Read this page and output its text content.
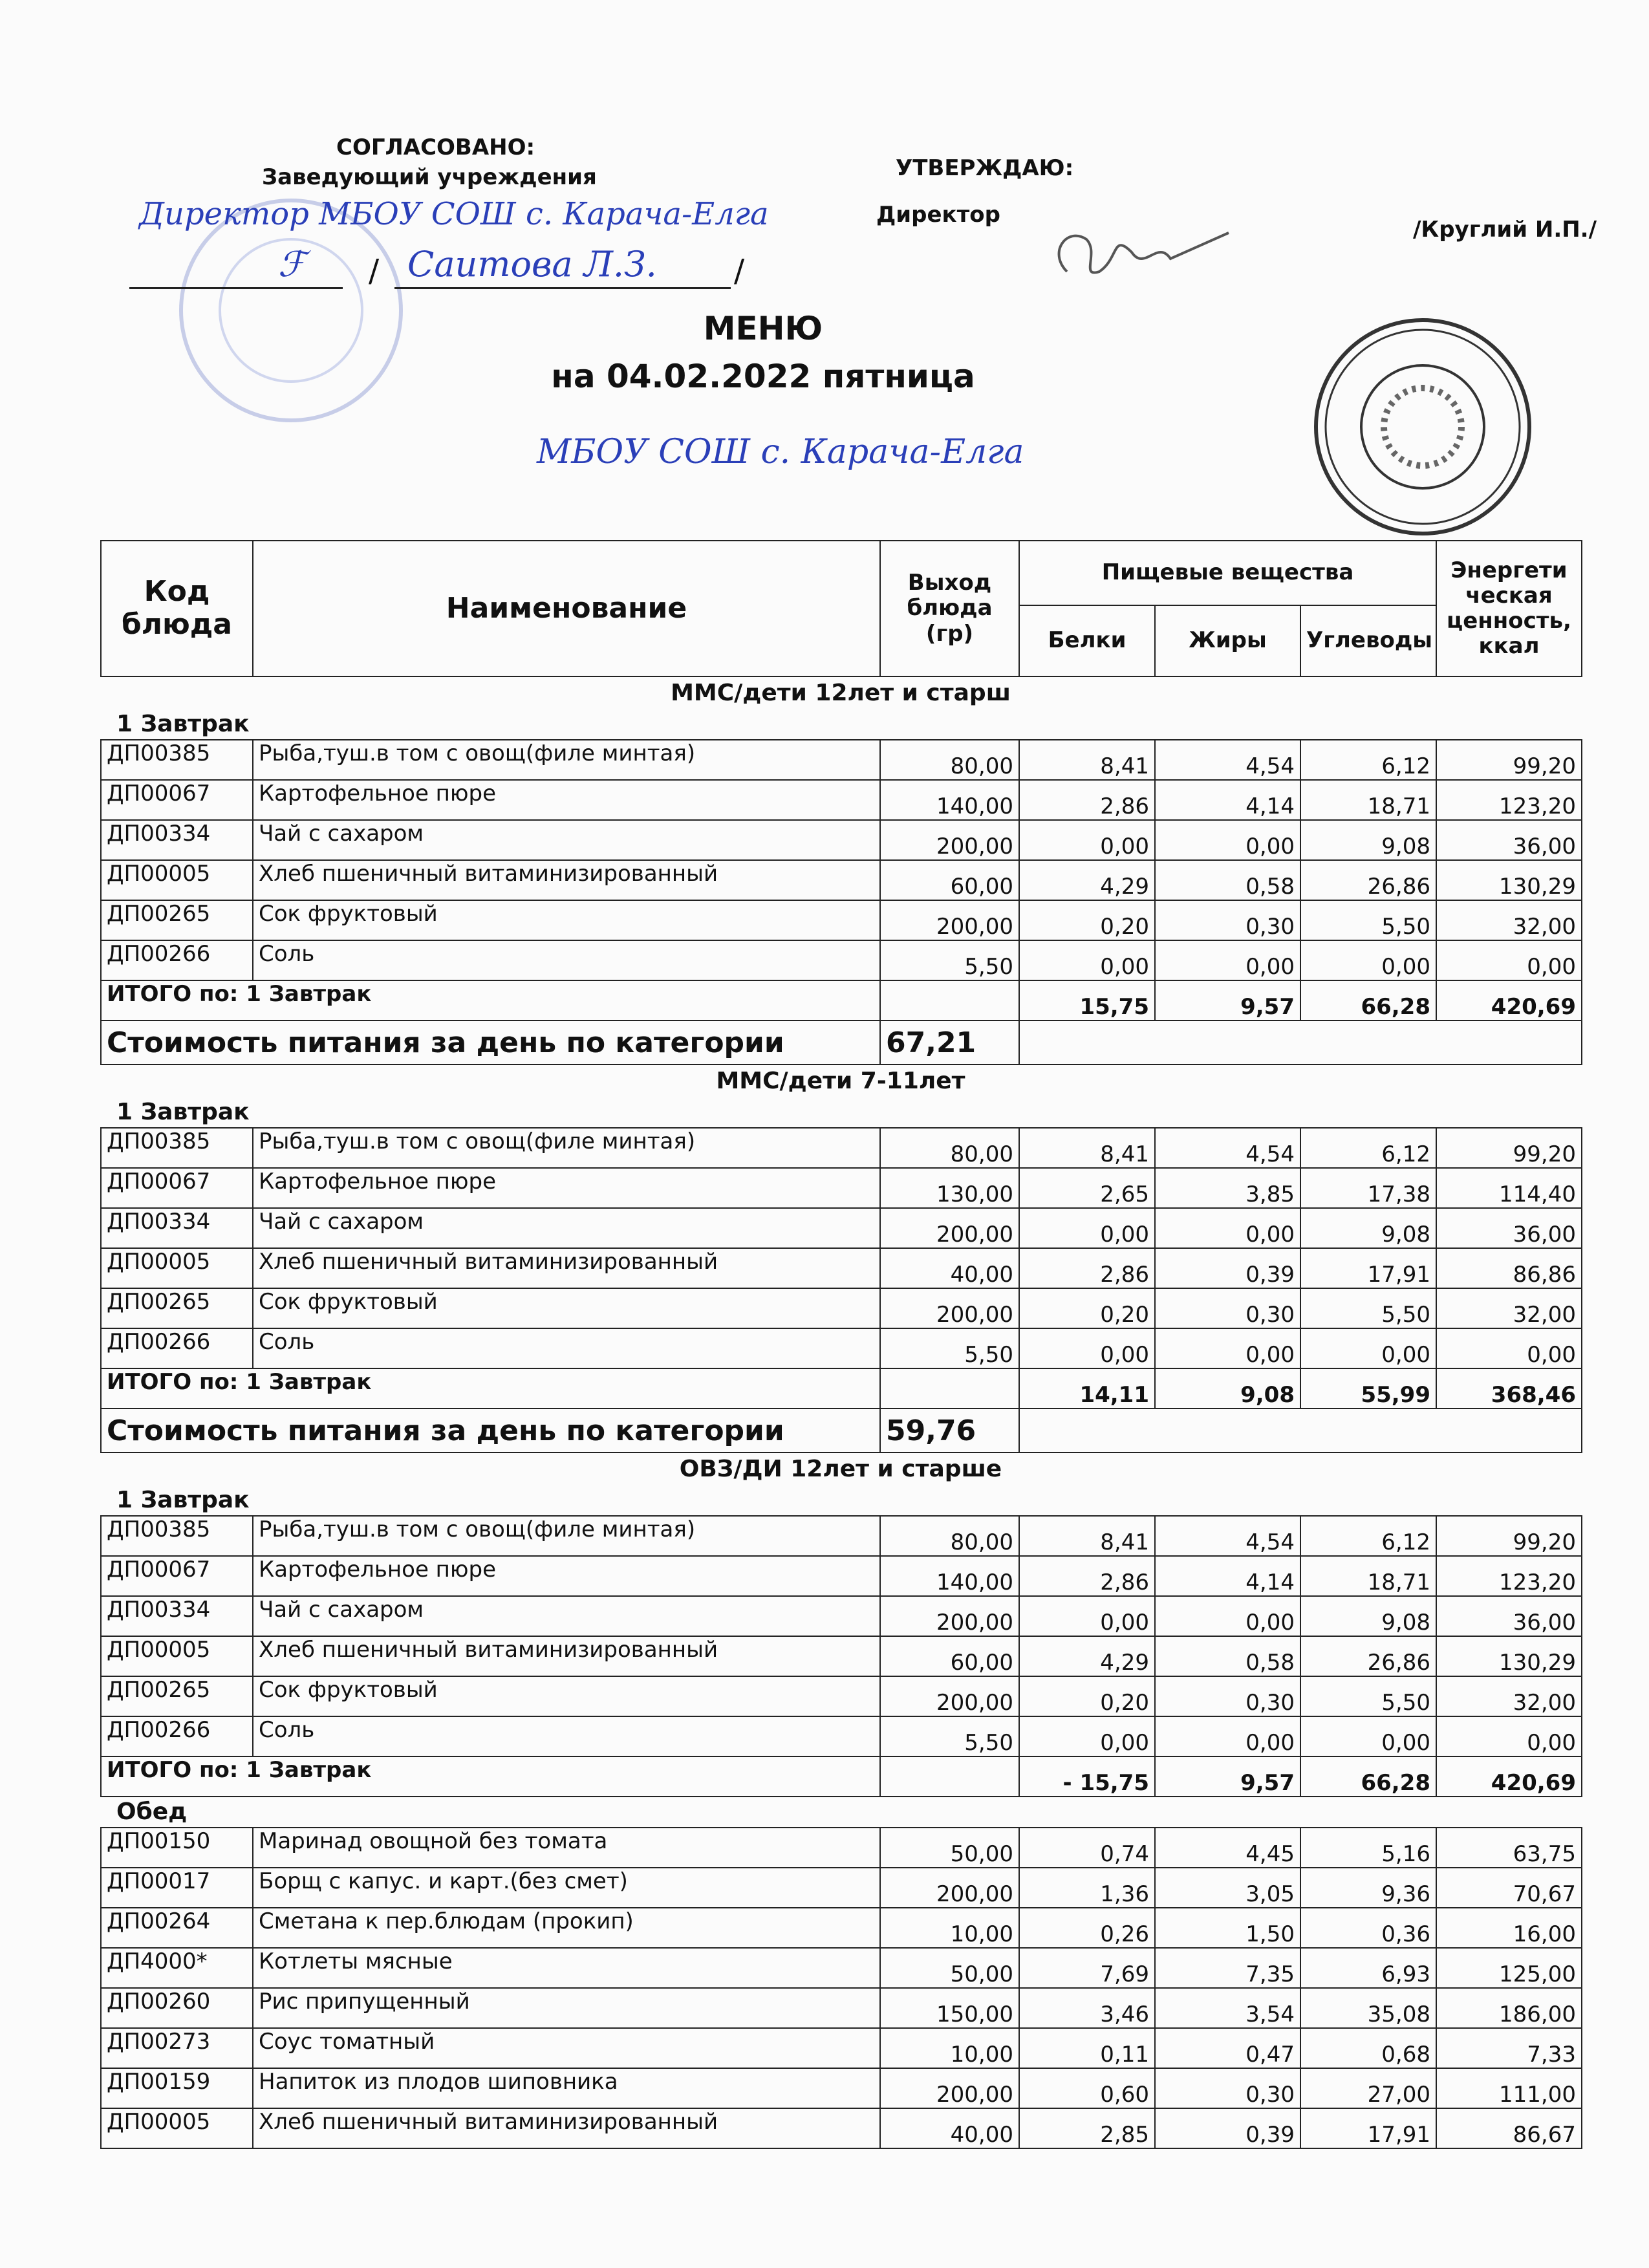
СОГЛАСОВАНО:
Заведующий учреждения
Директор МБОУ СОШ с. Карача-Елга
ℱ / Саитова Л.З. /
УТВЕРЖДАЮ:
Директор
/Круглий И.П./
МЕНЮ
на 04.02.2022 пятница
МБОУ СОШ с. Карача-Елга
Код блюда	Наименование	Выход блюда (гр)	Пищевые вещества			Энергети ческая ценность, ккал
			Белки	Жиры	Углеводы	
ММС/дети 12лет и старш
1 Завтрак
ДП00385	Рыба,туш.в том с овощ(филе минтая)	80,00	8,41	4,54	6,12	99,20
ДП00067	Картофельное пюре	140,00	2,86	4,14	18,71	123,20
ДП00334	Чай с сахаром	200,00	0,00	0,00	9,08	36,00
ДП00005	Хлеб пшеничный витаминизированный	60,00	4,29	0,58	26,86	130,29
ДП00265	Сок фруктовый	200,00	0,20	0,30	5,50	32,00
ДП00266	Соль	5,50	0,00	0,00	0,00	0,00
ИТОГО по: 1 Завтрак			15,75	9,57	66,28	420,69
Стоимость питания за день по категории		67,21				
ММС/дети 7-11лет
1 Завтрак
ДП00385	Рыба,туш.в том с овощ(филе минтая)	80,00	8,41	4,54	6,12	99,20
ДП00067	Картофельное пюре	130,00	2,65	3,85	17,38	114,40
ДП00334	Чай с сахаром	200,00	0,00	0,00	9,08	36,00
ДП00005	Хлеб пшеничный витаминизированный	40,00	2,86	0,39	17,91	86,86
ДП00265	Сок фруктовый	200,00	0,20	0,30	5,50	32,00
ДП00266	Соль	5,50	0,00	0,00	0,00	0,00
ИТОГО по: 1 Завтрак			14,11	9,08	55,99	368,46
Стоимость питания за день по категории		59,76				
ОВЗ/ДИ 12лет и старше
1 Завтрак
ДП00385	Рыба,туш.в том с овощ(филе минтая)	80,00	8,41	4,54	6,12	99,20
ДП00067	Картофельное пюре	140,00	2,86	4,14	18,71	123,20
ДП00334	Чай с сахаром	200,00	0,00	0,00	9,08	36,00
ДП00005	Хлеб пшеничный витаминизированный	60,00	4,29	0,58	26,86	130,29
ДП00265	Сок фруктовый	200,00	0,20	0,30	5,50	32,00
ДП00266	Соль	5,50	0,00	0,00	0,00	0,00
ИТОГО по: 1 Завтрак			- 15,75	9,57	66,28	420,69
Обед
ДП00150	Маринад овощной без томата	50,00	0,74	4,45	5,16	63,75
ДП00017	Борщ с капус. и карт.(без смет)	200,00	1,36	3,05	9,36	70,67
ДП00264	Сметана к пер.блюдам (прокип)	10,00	0,26	1,50	0,36	16,00
ДП4000*	Котлеты мясные	50,00	7,69	7,35	6,93	125,00
ДП00260	Рис припущенный	150,00	3,46	3,54	35,08	186,00
ДП00273	Соус томатный	10,00	0,11	0,47	0,68	7,33
ДП00159	Напиток из плодов шиповника	200,00	0,60	0,30	27,00	111,00
ДП00005	Хлеб пшеничный витаминизированный	40,00	2,85	0,39	17,91	86,67
